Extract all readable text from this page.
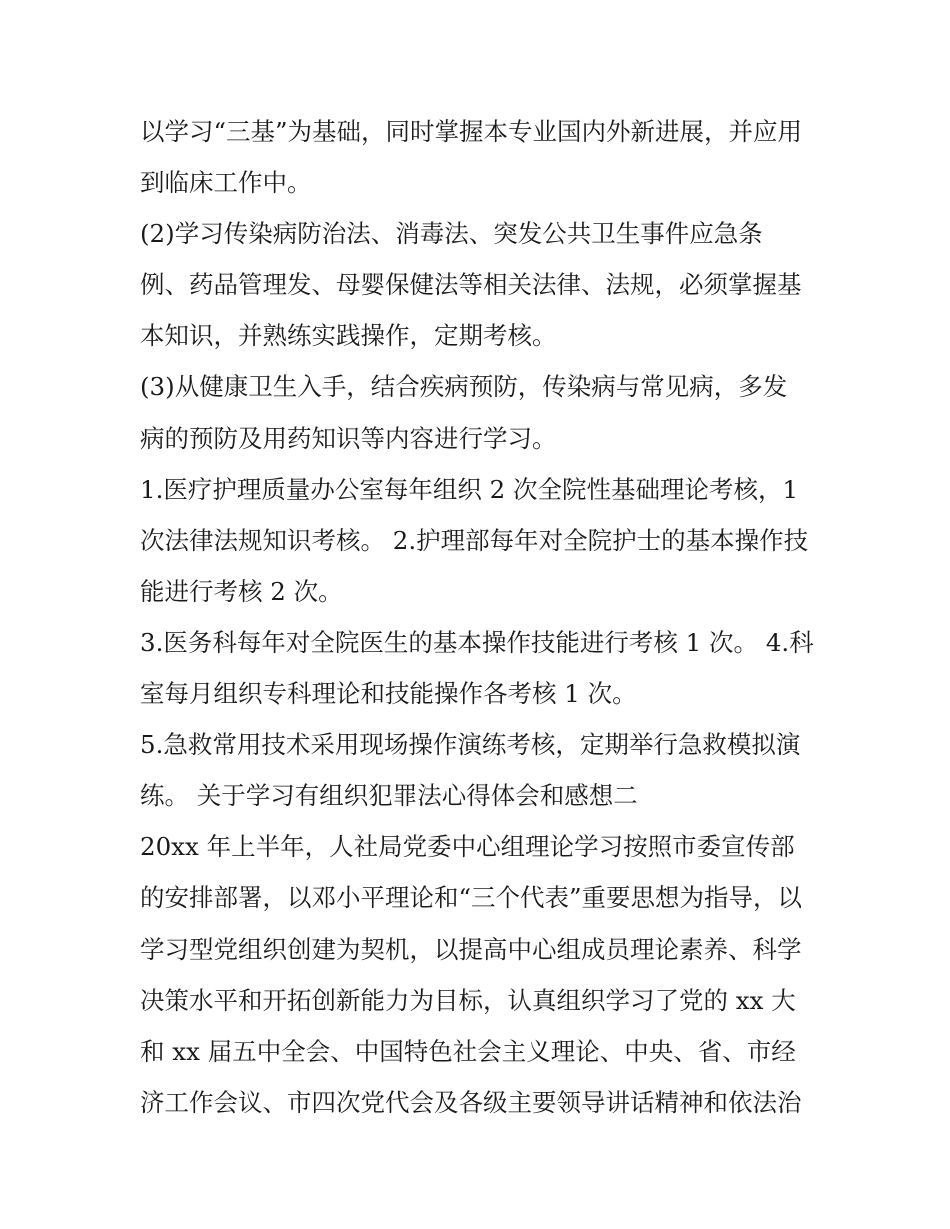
以学习“三基”为基础，同时掌握本专业国内外新进展，并应用
到临床工作中。
(2)学习传染病防治法、消毒法、突发公共卫生事件应急条
例、药品管理发、母婴保健法等相关法律、法规，必须掌握基
本知识，并熟练实践操作，定期考核。
(3)从健康卫生入手，结合疾病预防，传染病与常见病，多发
病的预防及用药知识等内容进行学习。
1.医疗护理质量办公室每年组织 2 次全院性基础理论考核，1
次法律法规知识考核。 2.护理部每年对全院护士的基本操作技
能进行考核 2 次。
3.医务科每年对全院医生的基本操作技能进行考核 1 次。 4.科
室每月组织专科理论和技能操作各考核 1 次。
5.急救常用技术采用现场操作演练考核，定期举行急救模拟演
练。 关于学习有组织犯罪法心得体会和感想二
20xx 年上半年，人社局党委中心组理论学习按照市委宣传部
的安排部署，以邓小平理论和“三个代表”重要思想为指导，以
学习型党组织创建为契机，以提高中心组成员理论素养、科学
决策水平和开拓创新能力为目标，认真组织学习了党的 xx 大
和 xx 届五中全会、中国特色社会主义理论、中央、省、市经
济工作会议、市四次党代会及各级主要领导讲话精神和依法治
